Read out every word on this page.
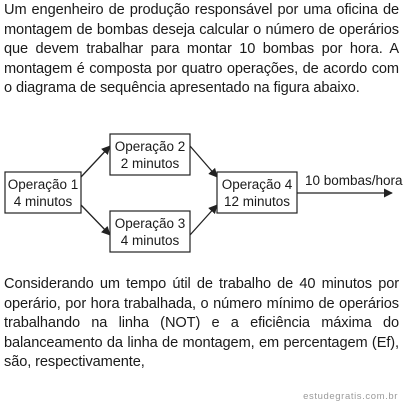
Um engenheiro de produção responsável por uma oficina de montagem de bombas deseja calcular o número de operários que devem trabalhar para montar 10 bombas por hora. A montagem é composta por quatro operações, de acordo com o diagrama de sequência apresentado na figura abaixo.

Operação 1
4 minutos
Operação 2
2 minutos
Operação 3
4 minutos
Operação 4
12 minutos
10 bombas/hora

Considerando um tempo útil de trabalho de 40 minutos por operário, por hora trabalhada, o número mínimo de operários trabalhando na linha (NOT) e a eficiência máxima do balanceamento da linha de montagem, em percentagem (Ef), são, respectivamente,

estudegratis.com.br
